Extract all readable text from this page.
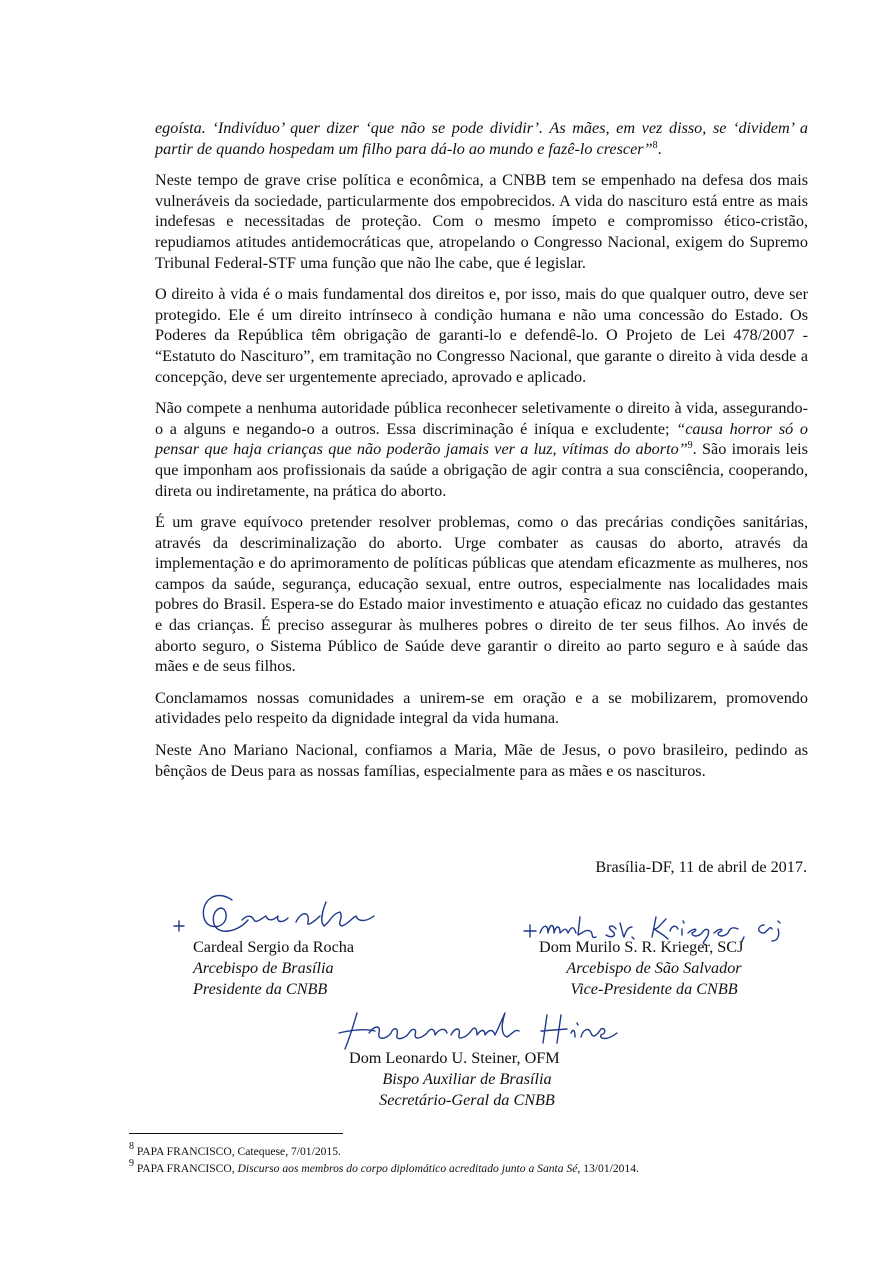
egoísta. ‘Indivíduo’ quer dizer ‘que não se pode dividir’. As mães, em vez disso, se ‘dividem’ a partir de quando hospedam um filho para dá-lo ao mundo e fazê-lo crescer”$^8$.

Neste tempo de grave crise política e econômica, a CNBB tem se empenhado na defesa dos mais vulneráveis da sociedade, particularmente dos empobrecidos. A vida do nascituro está entre as mais indefesas e necessitadas de proteção. Com o mesmo ímpeto e compromisso ético-cristão, repudiamos atitudes antidemocráticas que, atropelando o Congresso Nacional, exigem do Supremo Tribunal Federal-STF uma função que não lhe cabe, que é legislar.

O direito à vida é o mais fundamental dos direitos e, por isso, mais do que qualquer outro, deve ser protegido. Ele é um direito intrínseco à condição humana e não uma concessão do Estado. Os Poderes da República têm obrigação de garanti-lo e defendê-lo. O Projeto de Lei 478/2007 - “Estatuto do Nascituro”, em tramitação no Congresso Nacional, que garante o direito à vida desde a concepção, deve ser urgentemente apreciado, aprovado e aplicado.

Não compete a nenhuma autoridade pública reconhecer seletivamente o direito à vida, assegurando-o a alguns e negando-o a outros. Essa discriminação é iníqua e excludente; “causa horror só o pensar que haja crianças que não poderão jamais ver a luz, vítimas do aborto”$^9$. São imorais leis que imponham aos profissionais da saúde a obrigação de agir contra a sua consciência, cooperando, direta ou indiretamente, na prática do aborto.

É um grave equívoco pretender resolver problemas, como o das precárias condições sanitárias, através da descriminalização do aborto. Urge combater as causas do aborto, através da implementação e do aprimoramento de políticas públicas que atendam eficazmente as mulheres, nos campos da saúde, segurança, educação sexual, entre outros, especialmente nas localidades mais pobres do Brasil. Espera-se do Estado maior investimento e atuação eficaz no cuidado das gestantes e das crianças. É preciso assegurar às mulheres pobres o direito de ter seus filhos. Ao invés de aborto seguro, o Sistema Público de Saúde deve garantir o direito ao parto seguro e à saúde das mães e de seus filhos.

Conclamamos nossas comunidades a unirem-se em oração e a se mobilizarem, promovendo atividades pelo respeito da dignidade integral da vida humana.

Neste Ano Mariano Nacional, confiamos a Maria, Mãe de Jesus, o povo brasileiro, pedindo as bênçãos de Deus para as nossas famílias, especialmente para as mães e os nascituros.

Brasília-DF, 11 de abril de 2017.
Cardeal Sergio da Rocha
Arcebispo de Brasília
Presidente da CNBB
Dom Murilo S. R. Krieger, SCJ
Arcebispo de São Salvador
Vice-Presidente da CNBB
Dom Leonardo U. Steiner, OFM
Bispo Auxiliar de Brasília
Secretário-Geral da CNBB
$^8$ PAPA FRANCISCO, Catequese, 7/01/2015.
$^9$ PAPA FRANCISCO, Discurso aos membros do corpo diplomático acreditado junto a Santa Sé, 13/01/2014.
